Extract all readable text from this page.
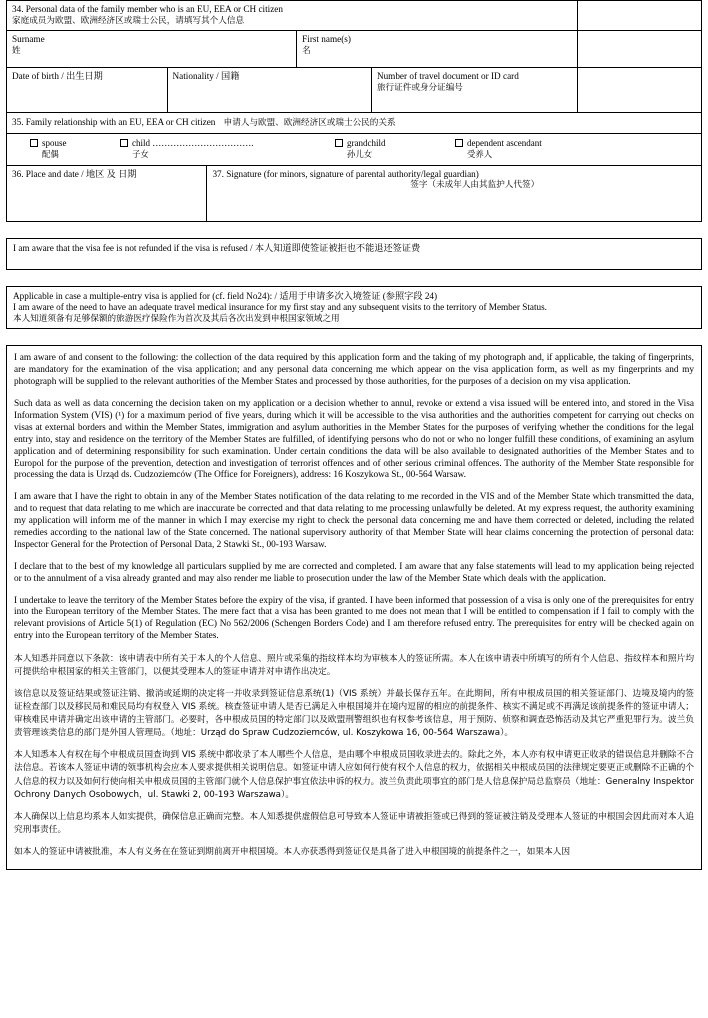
34. Personal data of the family member who is an EU, EEA or CH citizen
家庭成员为欧盟、欧洲经济区或瑞士公民，请填写其个人信息
Surname
姓
First name(s)
名
Date of birth / 出生日期	Nationality / 国籍	Number of travel document or ID card
旅行证件或身分证编号
35. Family relationship with an EU, EEA or CH citizen 申请人与欧盟、欧洲经济区或瑞士公民的关系
spouse
配偶
child …………………………….
子女
grandchild
孙儿女
dependent ascendant
受养人
36. Place and date / 地区 及 日期	37. Signature (for minors, signature of parental authority/legal guardian)
签字（未成年人由其监护人代签）
I am aware that the visa fee is not refunded if the visa is refused / 本人知道即使签证被拒也不能退还签证费
Applicable in case a multiple-entry visa is applied for (cf. field No24): / 适用于申请多次入境签证 (参照字段 24)
I am aware of the need to have an adequate travel medical insurance for my first stay and any subsequent visits to the territory of Member Status.
本人知道须备有足够保额的旅游医疗保险作为首次及其后各次出发到申根国家领域之用

I am aware of and consent to the following: the collection of the data required by this application form and the taking of my photograph and, if applicable, the taking of fingerprints, are mandatory for the examination of the visa application; and any personal data concerning me which appear on the visa application form, as well as my fingerprints and my photograph will be supplied to the relevant authorities of the Member States and processed by those authorities, for the purposes of a decision on my visa application.

Such data as well as data concerning the decision taken on my application or a decision whether to annul, revoke or extend a visa issued will be entered into, and stored in the Visa Information System (VIS) (¹) for a maximum period of five years, during which it will be accessible to the visa authorities and the authorities competent for carrying out checks on visas at external borders and within the Member States, immigration and asylum authorities in the Member States for the purposes of verifying whether the conditions for the legal entry into, stay and residence on the territory of the Member States are fulfilled, of identifying persons who do not or who no longer fulfill these conditions, of examining an asylum application and of determining responsibility for such examination. Under certain conditions the data will be also available to designated authorities of the Member States and to Europol for the purpose of the prevention, detection and investigation of terrorist offences and of other serious criminal offences. The authority of the Member State responsible for processing the data is Urząd ds. Cudzoziemców (The Office for Foreigners), address: 16 Koszykowa St., 00-564 Warsaw.

I am aware that I have the right to obtain in any of the Member States notification of the data relating to me recorded in the VIS and of the Member State which transmitted the data, and to request that data relating to me which are inaccurate be corrected and that data relating to me processing unlawfully be deleted. At my express request, the authority examining my application will inform me of the manner in which I may exercise my right to check the personal data concerning me and have them corrected or deleted, including the related remedies according to the national law of the State concerned. The national supervisory authority of that Member State will hear claims concerning the protection of personal data: Inspector General for the Protection of Personal Data, 2 Stawki St., 00-193 Warsaw.

I declare that to the best of my knowledge all particulars supplied by me are corrected and completed. I am aware that any false statements will lead to my application being rejected or to the annulment of a visa already granted and may also render me liable to prosecution under the law of the Member State which deals with the application.

I undertake to leave the territory of the Member States before the expiry of the visa, if granted. I have been informed that possession of a visa is only one of the prerequisites for entry into the European territory of the Member States. The mere fact that a visa has been granted to me does not mean that I will be entitled to compensation if I fail to comply with the relevant provisions of Article 5(1) of Regulation (EC) No 562/2006 (Schengen Borders Code) and I am therefore refused entry. The prerequisites for entry will be checked again on entry into the European territory of the Member States.

本人知悉并同意以下条款：该申请表中所有关于本人的个人信息、照片或采集的指纹样本均为审核本人的签证所需。本人在该申请表中所填写的所有个人信息、指纹样本和照片均可提供给申根国家的相关主管部门，以便其受理本人的签证申请并对申请作出决定。

该信息以及签证结果或签证注销、撤消或延期的决定将一并收录到签证信息系统(1)（VIS 系统）并最长保存五年。在此期间，所有申根成员国的相关签证部门、边境及境内的签证检查部门以及移民局和难民局均有权登入 VIS 系统。核查签证申请人是否已满足入申根国境并在境内逗留的相应的前提条件、核实不满足或不再满足该前提条件的签证申请人；审核难民申请并确定出该申请的主管部门。必要时，各申根成员国的特定部门以及欧盟刑警组织也有权参考该信息，用于预防、侦察和调查恐怖活动及其它严重犯罪行为。波兰负责管理该类信息的部门是外国人管理局。（地址：Urząd do Spraw Cudzoziemców, ul. Koszykowa 16, 00-564 Warszawa）。

本人知悉本人有权在每个申根成员国查询到 VIS 系统中都收录了本人哪些个人信息，是由哪个申根成员国收录进去的。除此之外，本人亦有权申请更正收录的错误信息并删除不合法信息。若该本人签证申请的领事机构会应本人要求提供相关说明信息。如签证申请人应如何行使有权个人信息的权力，依据相关申根成员国的法律规定要更正或删除不正确的个人信息的权力以及如何行使向相关申根成员国的主管部门就个人信息保护事宜依法申诉的权力。波兰负责此项事宜的部门是人信息保护局总监察员（地址：Generalny Inspektor Ochrony Danych Osobowych，ul. Stawki 2, 00-193 Warszawa）。

本人确保以上信息均系本人如实提供，确保信息正确而完整。本人知悉提供虚假信息可导致本人签证申请被拒签或已得到的签证被注销及受理本人签证的申根国会因此而对本人追究刑事责任。

如本人的签证申请被批准，本人有义务在在签证到期前离开申根国境。本人亦获悉得到签证仅是具备了进入申根国境的前提条件之一，如果本人因
